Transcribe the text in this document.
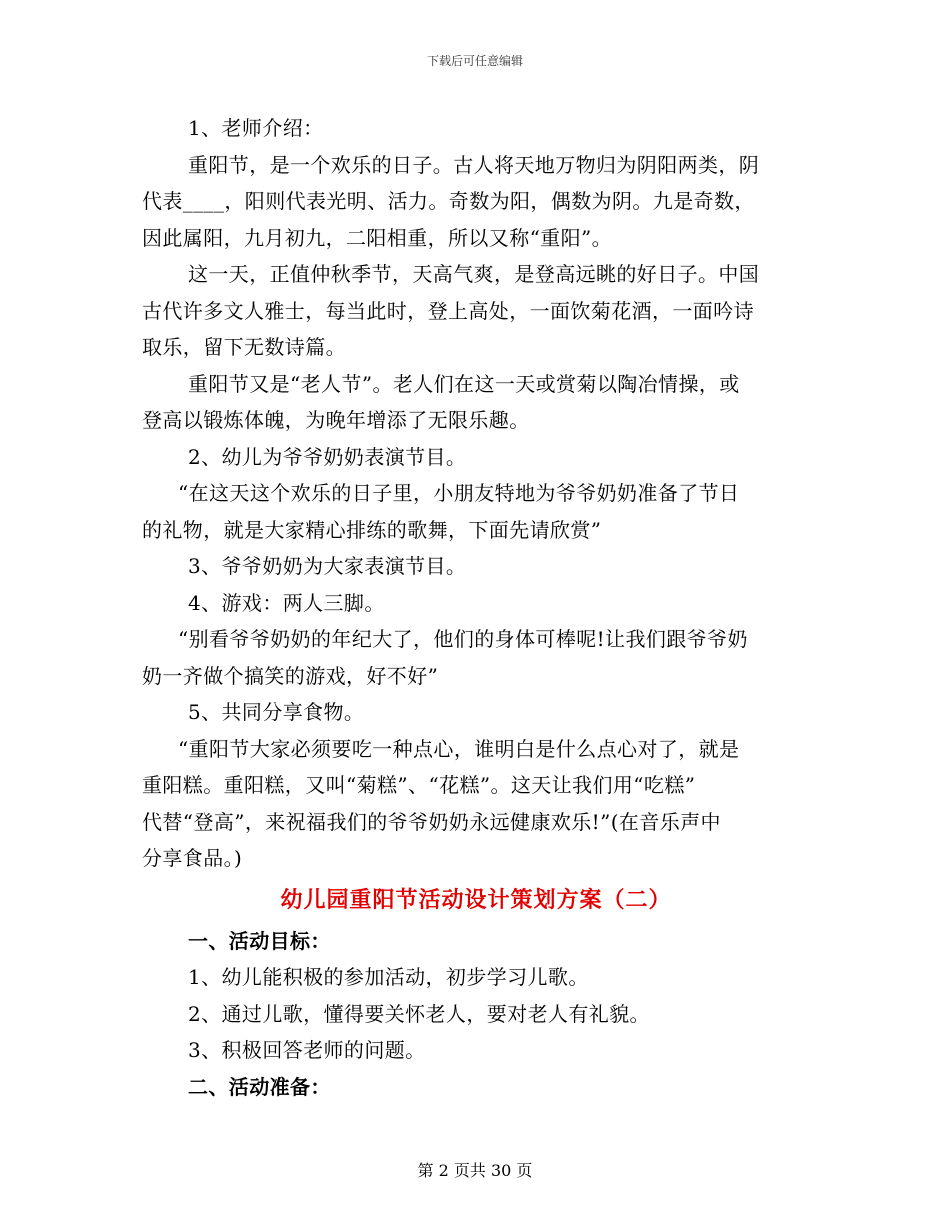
下载后可任意编辑
1、老师介绍：
重阳节，是一个欢乐的日子。古人将天地万物归为阴阳两类，阴
代表____，阳则代表光明、活力。奇数为阳，偶数为阴。九是奇数，
因此属阳，九月初九，二阳相重，所以又称“重阳”。
这一天，正值仲秋季节，天高气爽，是登高远眺的好日子。中国
古代许多文人雅士，每当此时，登上高处，一面饮菊花酒，一面吟诗
取乐，留下无数诗篇。
重阳节又是“老人节”。老人们在这一天或赏菊以陶冶情操，或
登高以锻炼体魄，为晚年增添了无限乐趣。
2、幼儿为爷爷奶奶表演节目。
“在这天这个欢乐的日子里，小朋友特地为爷爷奶奶准备了节日
的礼物，就是大家精心排练的歌舞，下面先请欣赏”
3、爷爷奶奶为大家表演节目。
4、游戏：两人三脚。
“别看爷爷奶奶的年纪大了，他们的身体可棒呢!让我们跟爷爷奶
奶一齐做个搞笑的游戏，好不好”
5、共同分享食物。
“重阳节大家必须要吃一种点心，谁明白是什么点心对了，就是
重阳糕。重阳糕，又叫“菊糕”、“花糕”。这天让我们用“吃糕”
代替“登高”，来祝福我们的爷爷奶奶永远健康欢乐!”(在音乐声中
分享食品。)
幼儿园重阳节活动设计策划方案（二）
一、活动目标：
1、幼儿能积极的参加活动，初步学习儿歌。
2、通过儿歌，懂得要关怀老人，要对老人有礼貌。
3、积极回答老师的问题。
二、活动准备：
第 2 页共 30 页
